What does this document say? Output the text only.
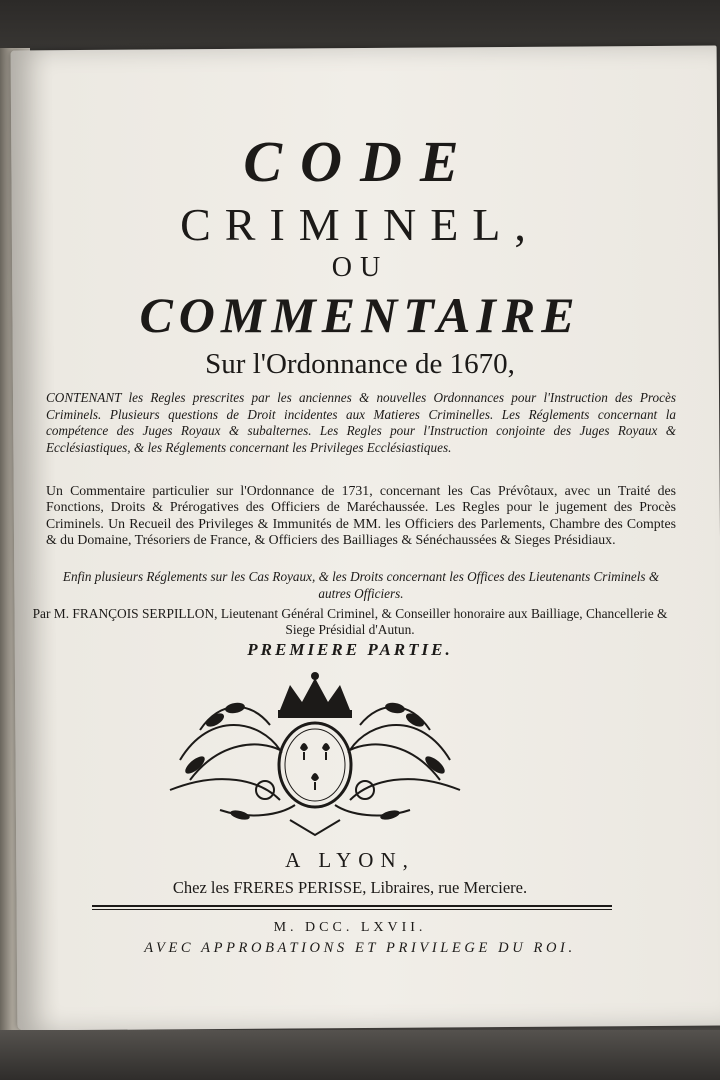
CODE
CRIMINEL,
OU
COMMENTAIRE
Sur l'Ordonnance de 1670,
CONTENANT les Regles prescrites par les anciennes & nouvelles Ordonnances pour l'Instruction des Procès Criminels. Plusieurs questions de Droit incidentes aux Matieres Criminelles. Les Réglements concernant la compétence des Juges Royaux & subalternes. Les Regles pour l'Instruction conjointe des Juges Royaux & Ecclésiastiques, & les Réglements concernant les Privileges Ecclésiastiques.
Un Commentaire particulier sur l'Ordonnance de 1731, concernant les Cas Prévôtaux, avec un Traité des Fonctions, Droits & Prérogatives des Officiers de Maréchaussée. Les Regles pour le jugement des Procès Criminels. Un Recueil des Privileges & Immunités de MM. les Officiers des Parlements, Chambre des Comptes & du Domaine, Trésoriers de France, & Officiers des Bailliages & Sénéchaussées & Sieges Présidiaux.
Enfin plusieurs Réglements sur les Cas Royaux, & les Droits concernant les Offices des Lieutenants Criminels & autres Officiers.
Par M. FRANÇOIS SERPILLON, Lieutenant Général Criminel, & Conseiller honoraire aux Bailliage, Chancellerie & Siege Présidial d'Autun.
PREMIERE PARTIE.
A LYON,
Chez les FRERES PERISSE, Libraires, rue Merciere.
M. DCC. LXVII.
AVEC APPROBATIONS ET PRIVILEGE DU ROI.
